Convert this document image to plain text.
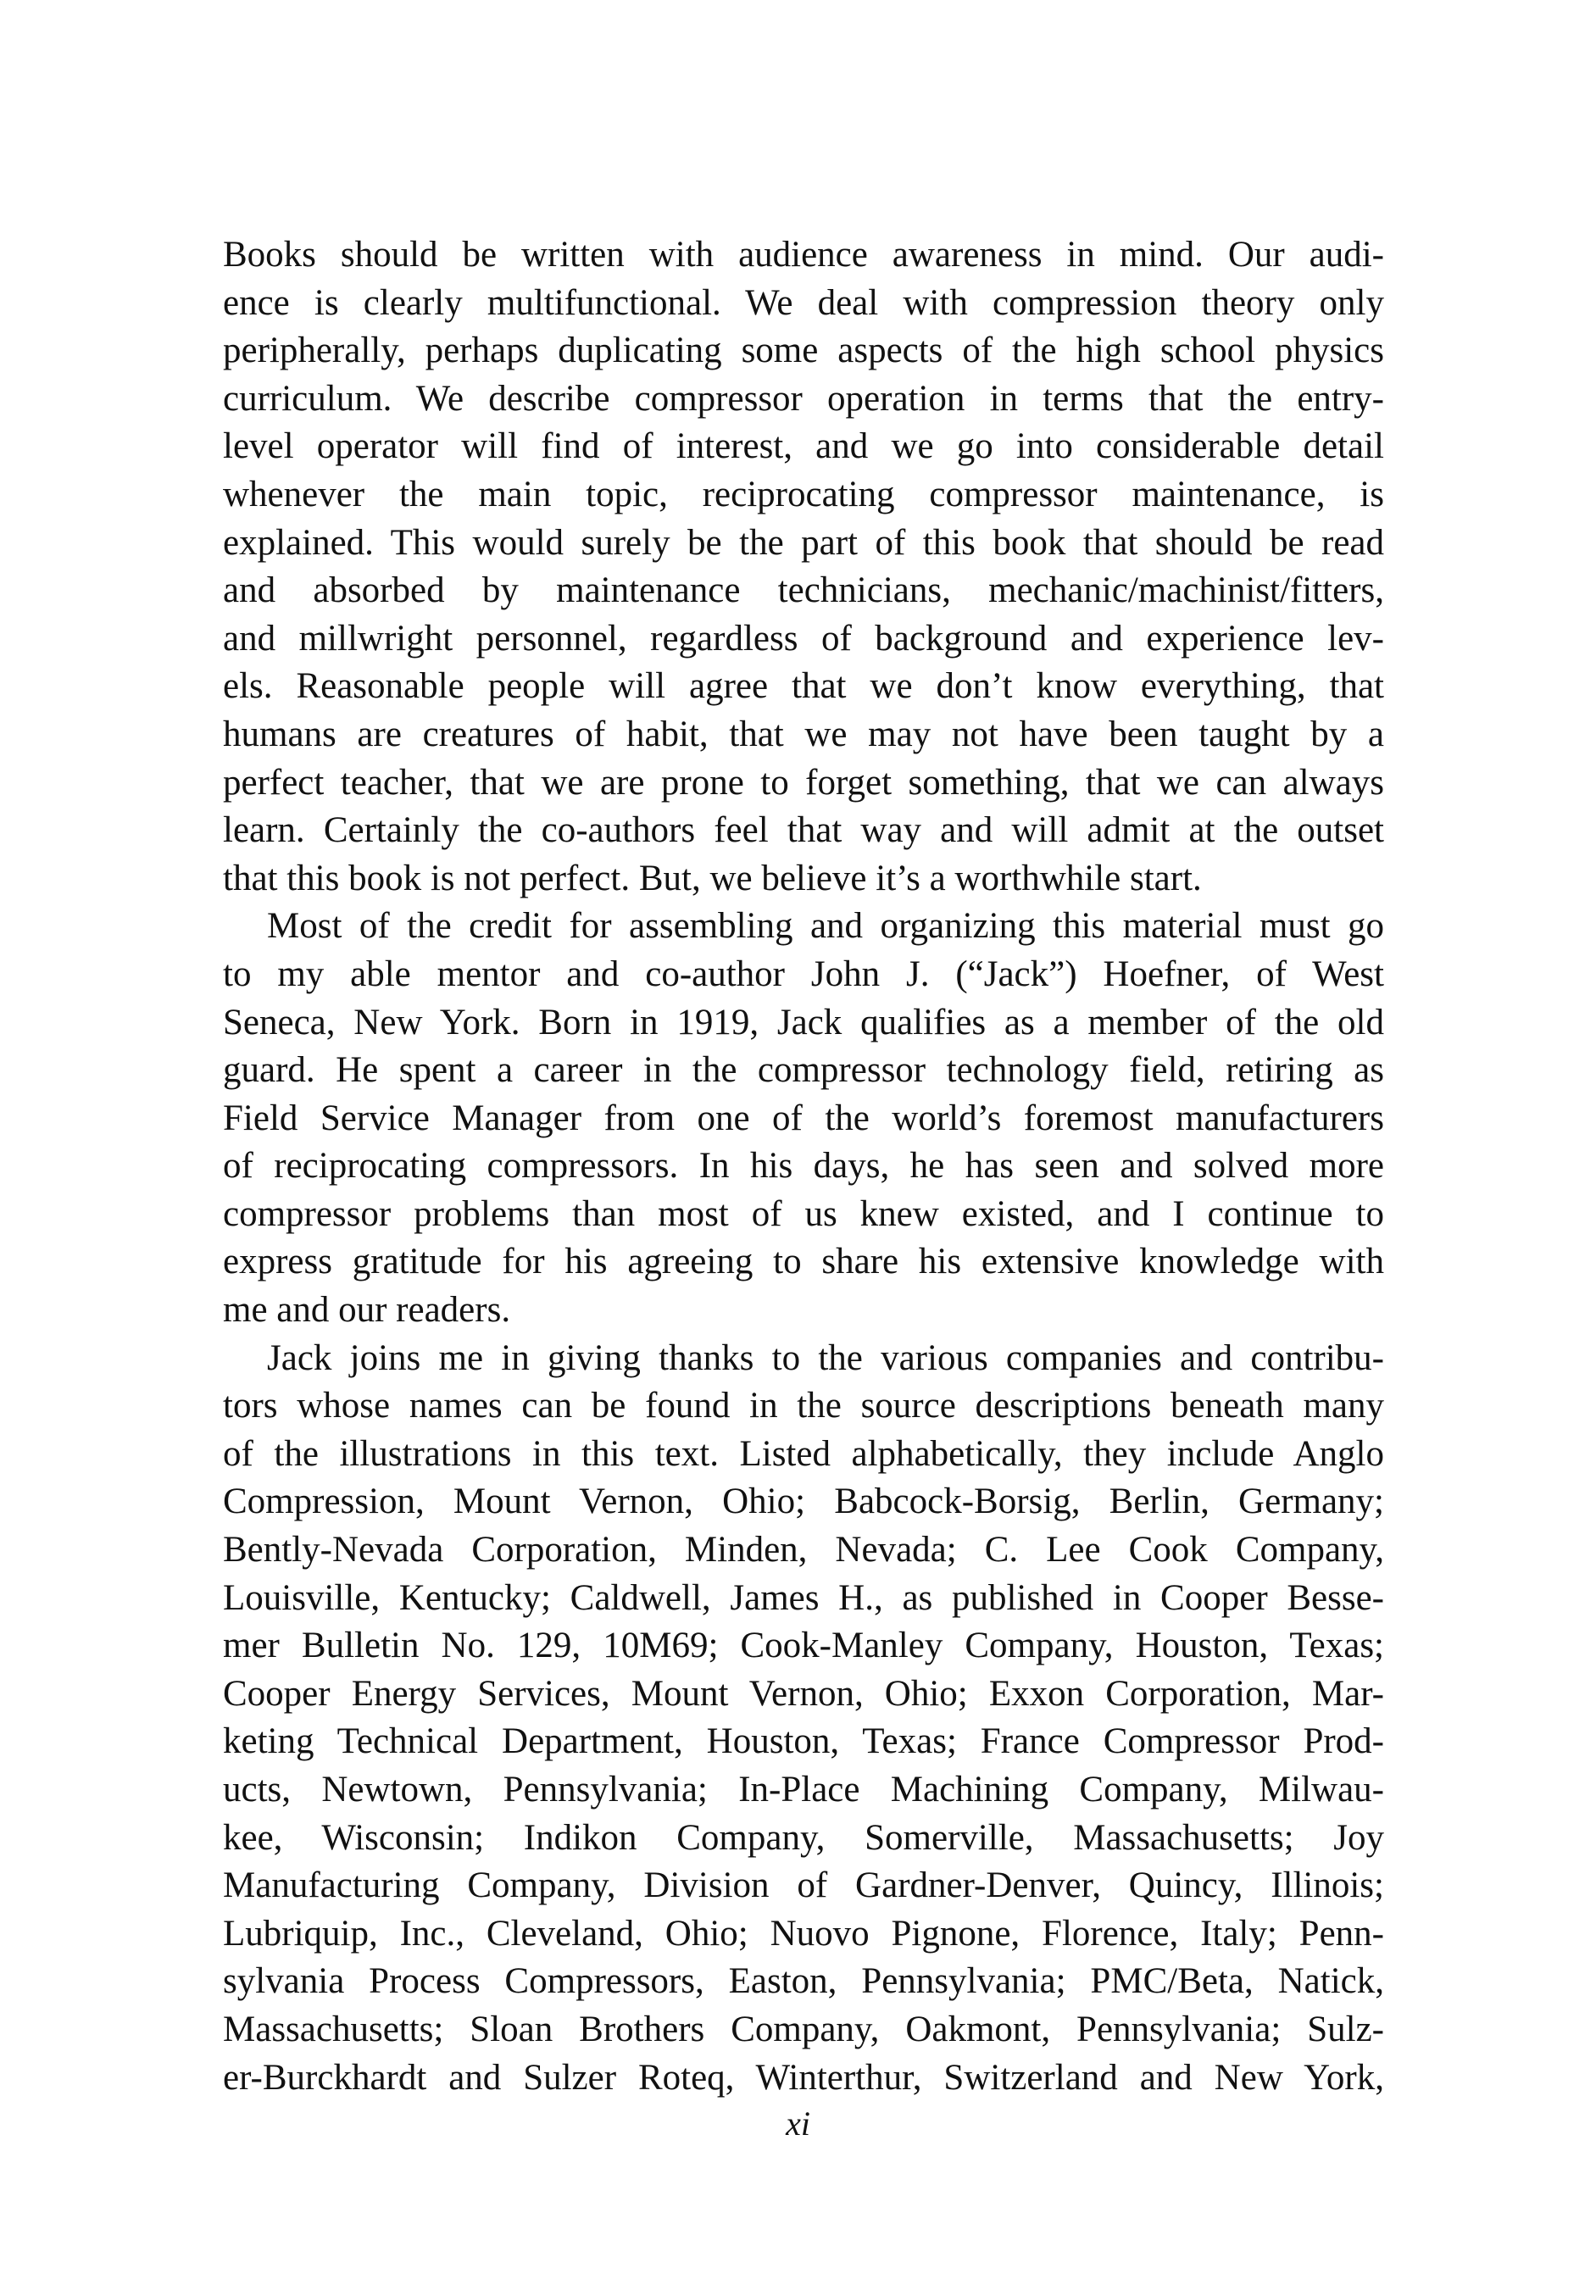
Books should be written with audience awareness in mind. Our audi-
ence is clearly multifunctional. We deal with compression theory only
peripherally, perhaps duplicating some aspects of the high school physics
curriculum. We describe compressor operation in terms that the entry-
level operator will find of interest, and we go into considerable detail
whenever the main topic, reciprocating compressor maintenance, is
explained. This would surely be the part of this book that should be read
and absorbed by maintenance technicians, mechanic/machinist/fitters,
and millwright personnel, regardless of background and experience lev-
els. Reasonable people will agree that we don’t know everything, that
humans are creatures of habit, that we may not have been taught by a
perfect teacher, that we are prone to forget something, that we can always
learn. Certainly the co-authors feel that way and will admit at the outset
that this book is not perfect. But, we believe it’s a worthwhile start.

Most of the credit for assembling and organizing this material must go
to my able mentor and co-author John J. (“Jack”) Hoefner, of West
Seneca, New York. Born in 1919, Jack qualifies as a member of the old
guard. He spent a career in the compressor technology field, retiring as
Field Service Manager from one of the world’s foremost manufacturers
of reciprocating compressors. In his days, he has seen and solved more
compressor problems than most of us knew existed, and I continue to
express gratitude for his agreeing to share his extensive knowledge with
me and our readers.

Jack joins me in giving thanks to the various companies and contribu-
tors whose names can be found in the source descriptions beneath many
of the illustrations in this text. Listed alphabetically, they include Anglo
Compression, Mount Vernon, Ohio; Babcock-Borsig, Berlin, Germany;
Bently-Nevada Corporation, Minden, Nevada; C. Lee Cook Company,
Louisville, Kentucky; Caldwell, James H., as published in Cooper Besse-
mer Bulletin No. 129, 10M69; Cook-Manley Company, Houston, Texas;
Cooper Energy Services, Mount Vernon, Ohio; Exxon Corporation, Mar-
keting Technical Department, Houston, Texas; France Compressor Prod-
ucts, Newtown, Pennsylvania; In-Place Machining Company, Milwau-
kee, Wisconsin; Indikon Company, Somerville, Massachusetts; Joy
Manufacturing Company, Division of Gardner-Denver, Quincy, Illinois;
Lubriquip, Inc., Cleveland, Ohio; Nuovo Pignone, Florence, Italy; Penn-
sylvania Process Compressors, Easton, Pennsylvania; PMC/Beta, Natick,
Massachusetts; Sloan Brothers Company, Oakmont, Pennsylvania; Sulz-
er-Burckhardt and Sulzer Roteq, Winterthur, Switzerland and New York,

xi
